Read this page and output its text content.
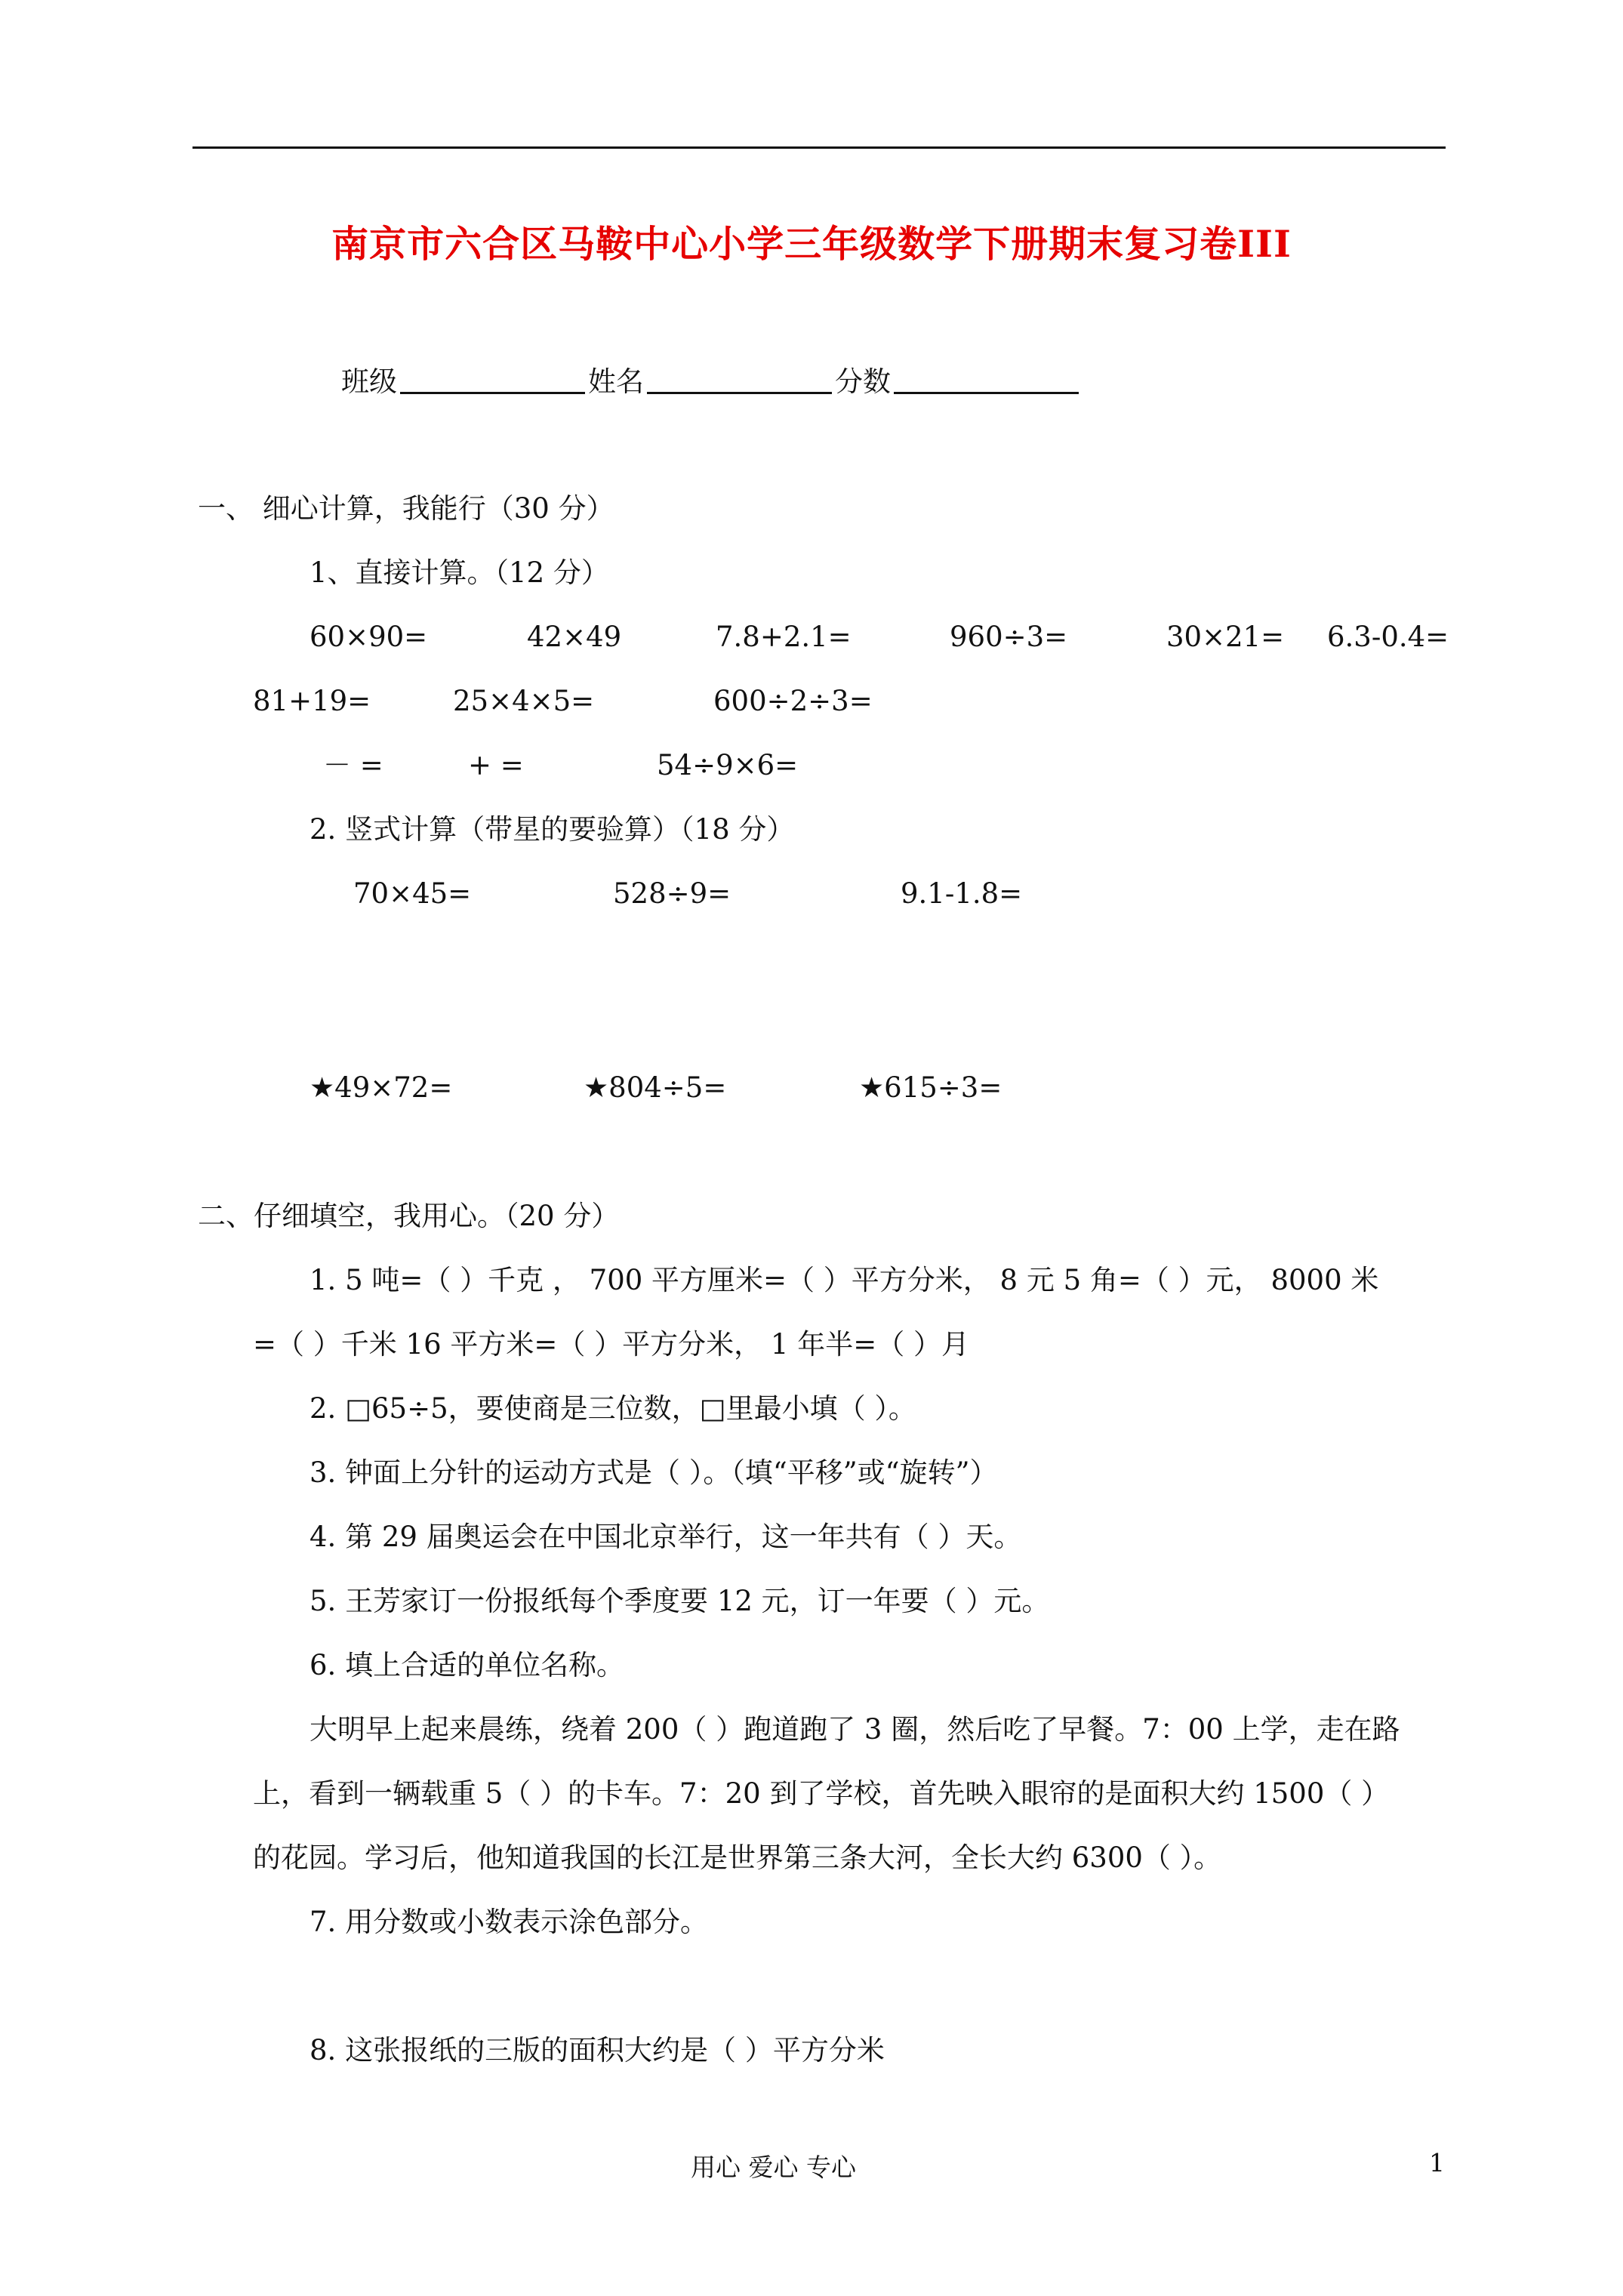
南京市六合区马鞍中心小学三年级数学下册期末复习卷III
班级	姓名	分数
一、 细心计算，我能行（30 分）
1、直接计算。（12 分）
60×90=	42×49	7.8+2.1=	960÷3=	30×21= 6.3-0.4=
81+19=	25×4×5=	600÷2÷3=
－ =	+ =	54÷9×6=
2. 竖式计算（带星的要验算）（18 分）
70×45=	528÷9=	9.1-1.8=
★49×72=	★804÷5=	★615÷3=
二、仔细填空，我用心。（20 分）
1. 5 吨=（ ）千克 ， 700 平方厘米=（ ）平方分米， 8 元 5 角=（ ）元， 8000 米
=（ ）千米 16 平方米=（ ）平方分米， 1 年半=（ ）月
2. □65÷5，要使商是三位数，□里最小填（ ）。
3. 钟面上分针的运动方式是（ ）。（填“平移”或“旋转”）
4. 第 29 届奥运会在中国北京举行，这一年共有（ ）天。
5. 王芳家订一份报纸每个季度要 12 元，订一年要（ ）元。
6. 填上合适的单位名称。
大明早上起来晨练，绕着 200（ ）跑道跑了 3 圈，然后吃了早餐。7：00 上学，走在路
上，看到一辆载重 5（ ）的卡车。7：20 到了学校，首先映入眼帘的是面积大约 1500（ ）
的花园。学习后，他知道我国的长江是世界第三条大河，全长大约 6300（ ）。
7. 用分数或小数表示涂色部分。
8. 这张报纸的三版的面积大约是（ ）平方分米
用心 爱心 专心	1
